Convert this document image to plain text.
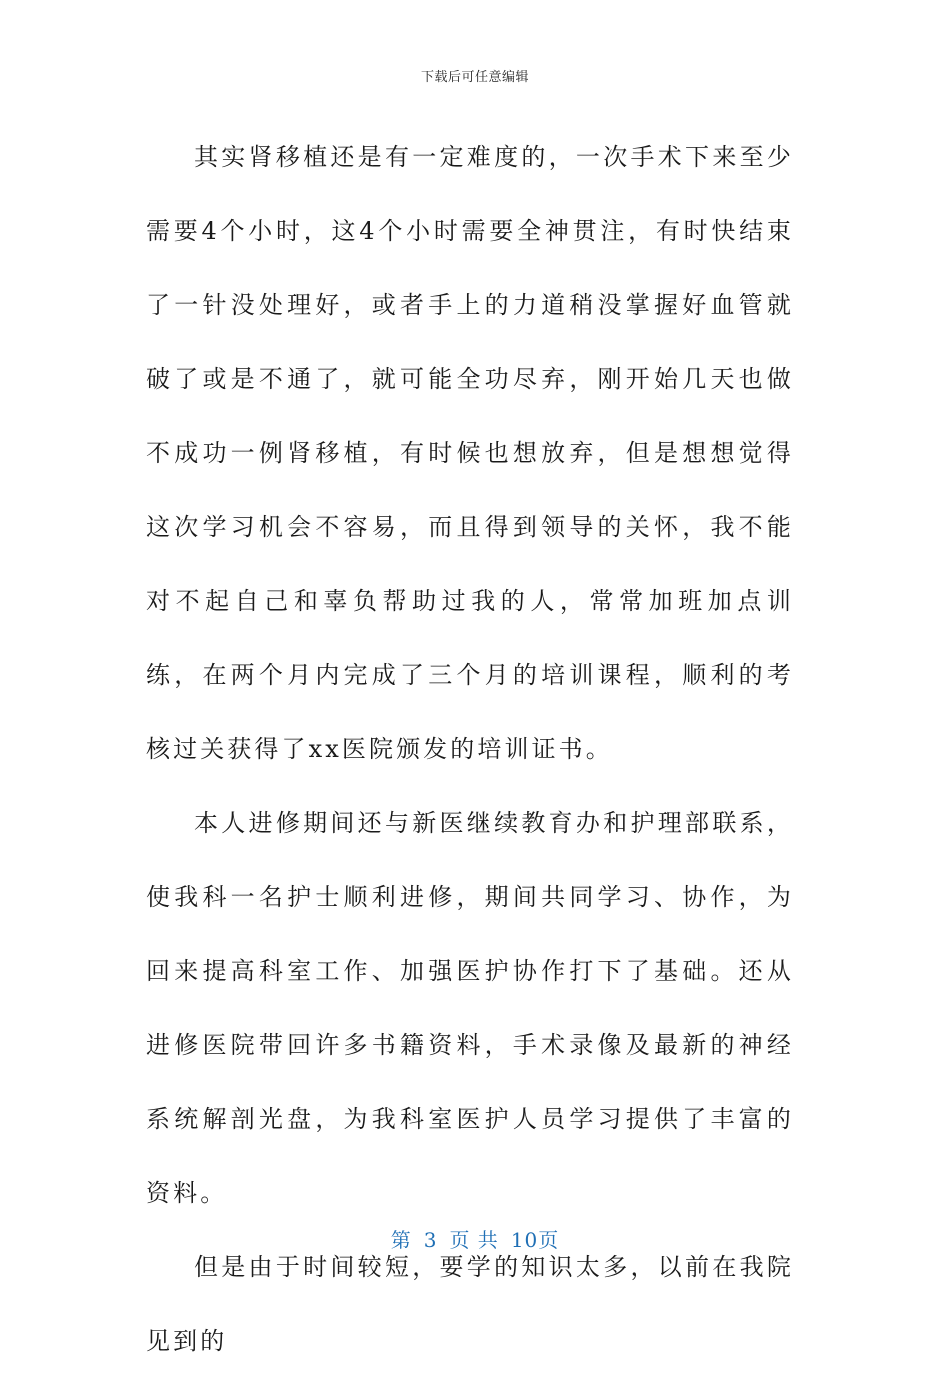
下载后可任意编辑

其实肾移植还是有一定难度的，一次手术下来至少需要4个小时，这4个小时需要全神贯注，有时快结束了一针没处理好，或者手上的力道稍没掌握好血管就破了或是不通了，就可能全功尽弃，刚开始几天也做不成功一例肾移植，有时候也想放弃，但是想想觉得这次学习机会不容易，而且得到领导的关怀，我不能对不起自己和辜负帮助过我的人，常常加班加点训练，在两个月内完成了三个月的培训课程，顺利的考核过关获得了xx医院颁发的培训证书。

本人进修期间还与新医继续教育办和护理部联系，使我科一名护士顺利进修，期间共同学习、协作，为回来提高科室工作、加强医护协作打下了基础。还从进修医院带回许多书籍资料，手术录像及最新的神经系统解剖光盘，为我科室医护人员学习提供了丰富的资料。

但是由于时间较短，要学的知识太多，以前在我院见到的

第 3 页 共 10页
